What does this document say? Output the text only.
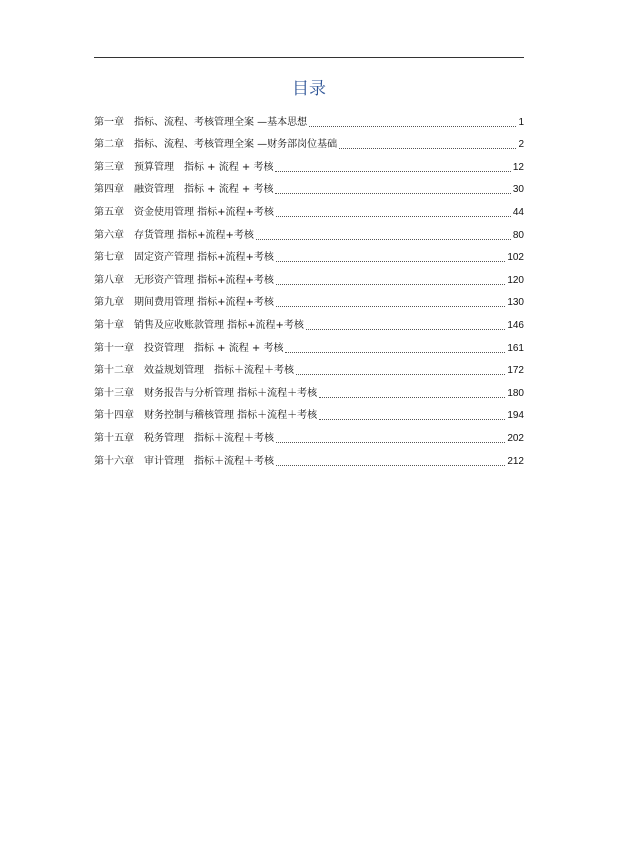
目录
第一章 指标、流程、考核管理全案 —基本思想	1
第二章 指标、流程、考核管理全案 —财务部岗位基础	2
第三章 预算管理　指标 + 流程 + 考核	12
第四章 融资管理　指标 + 流程 + 考核	30
第五章 资金使用管理 指标+流程+考核	44
第六章 存货管理 指标+流程+考核	80
第七章 固定资产管理 指标+流程+考核	102
第八章 无形资产管理 指标+流程+考核	120
第九章 期间费用管理 指标+流程+考核	130
第十章 销售及应收账款管理 指标+流程+考核	146
第十一章 投资管理　指标 + 流程 + 考核	161
第十二章 效益规划管理　指标＋流程＋考核	172
第十三章 财务报告与分析管理 指标＋流程＋考核	180
第十四章 财务控制与稽核管理 指标＋流程＋考核	194
第十五章 税务管理　指标＋流程＋考核	202
第十六章 审计管理　指标＋流程＋考核	212
